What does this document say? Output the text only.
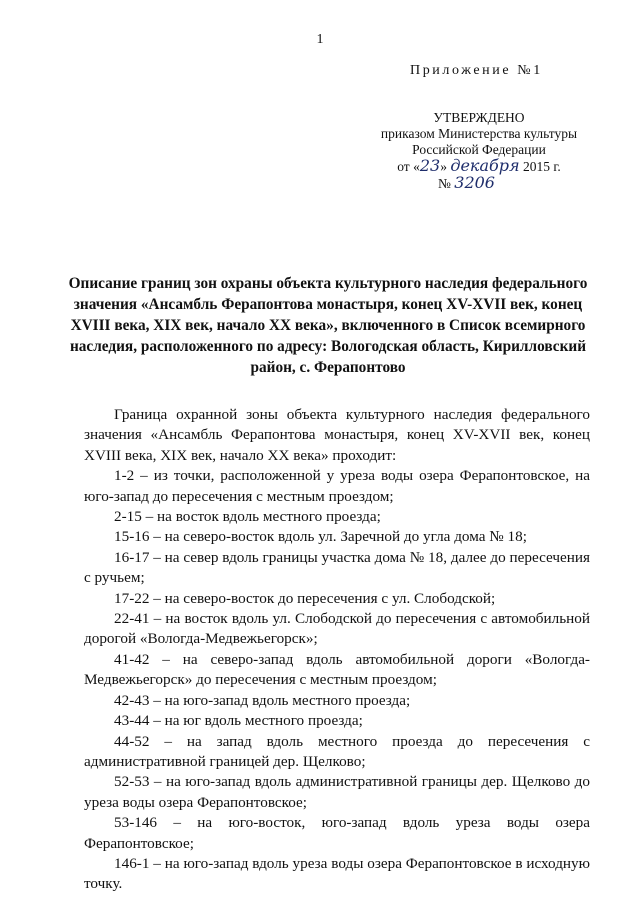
1
Приложение №1
УТВЕРЖДЕНО
приказом Министерства культуры
Российской Федерации
от «23» декабря 2015 г.
№ 3206
Описание границ зон охраны объекта культурного наследия федерального значения «Ансамбль Ферапонтова монастыря, конец XV-XVII век, конец XVIII века, XIX век, начало XX века», включенного в Список всемирного наследия, расположенного по адресу: Вологодская область, Кирилловский район, с. Ферапонтово

Граница охранной зоны объекта культурного наследия федерального значения «Ансамбль Ферапонтова монастыря, конец XV-XVII век, конец XVIII века, XIX век, начало XX века» проходит:

1-2 – из точки, расположенной у уреза воды озера Ферапонтовское, на юго-запад до пересечения с местным проездом;

2-15 – на восток вдоль местного проезда;

15-16 – на северо-восток вдоль ул. Заречной до угла дома № 18;

16-17 – на север вдоль границы участка дома № 18, далее до пересечения с ручьем;

17-22 – на северо-восток до пересечения с ул. Слободской;

22-41 – на восток вдоль ул. Слободской до пересечения с автомобильной дорогой «Вологда-Медвежьегорск»;

41-42 – на северо-запад вдоль автомобильной дороги «Вологда-Медвежьегорск» до пересечения с местным проездом;

42-43 – на юго-запад вдоль местного проезда;

43-44 – на юг вдоль местного проезда;

44-52 – на запад вдоль местного проезда до пересечения с административной границей дер. Щелково;

52-53 – на юго-запад вдоль административной границы дер. Щелково до уреза воды озера Ферапонтовское;

53-146 – на юго-восток, юго-запад вдоль уреза воды озера Ферапонтовское;

146-1 – на юго-запад вдоль уреза воды озера Ферапонтовское в исходную точку.
